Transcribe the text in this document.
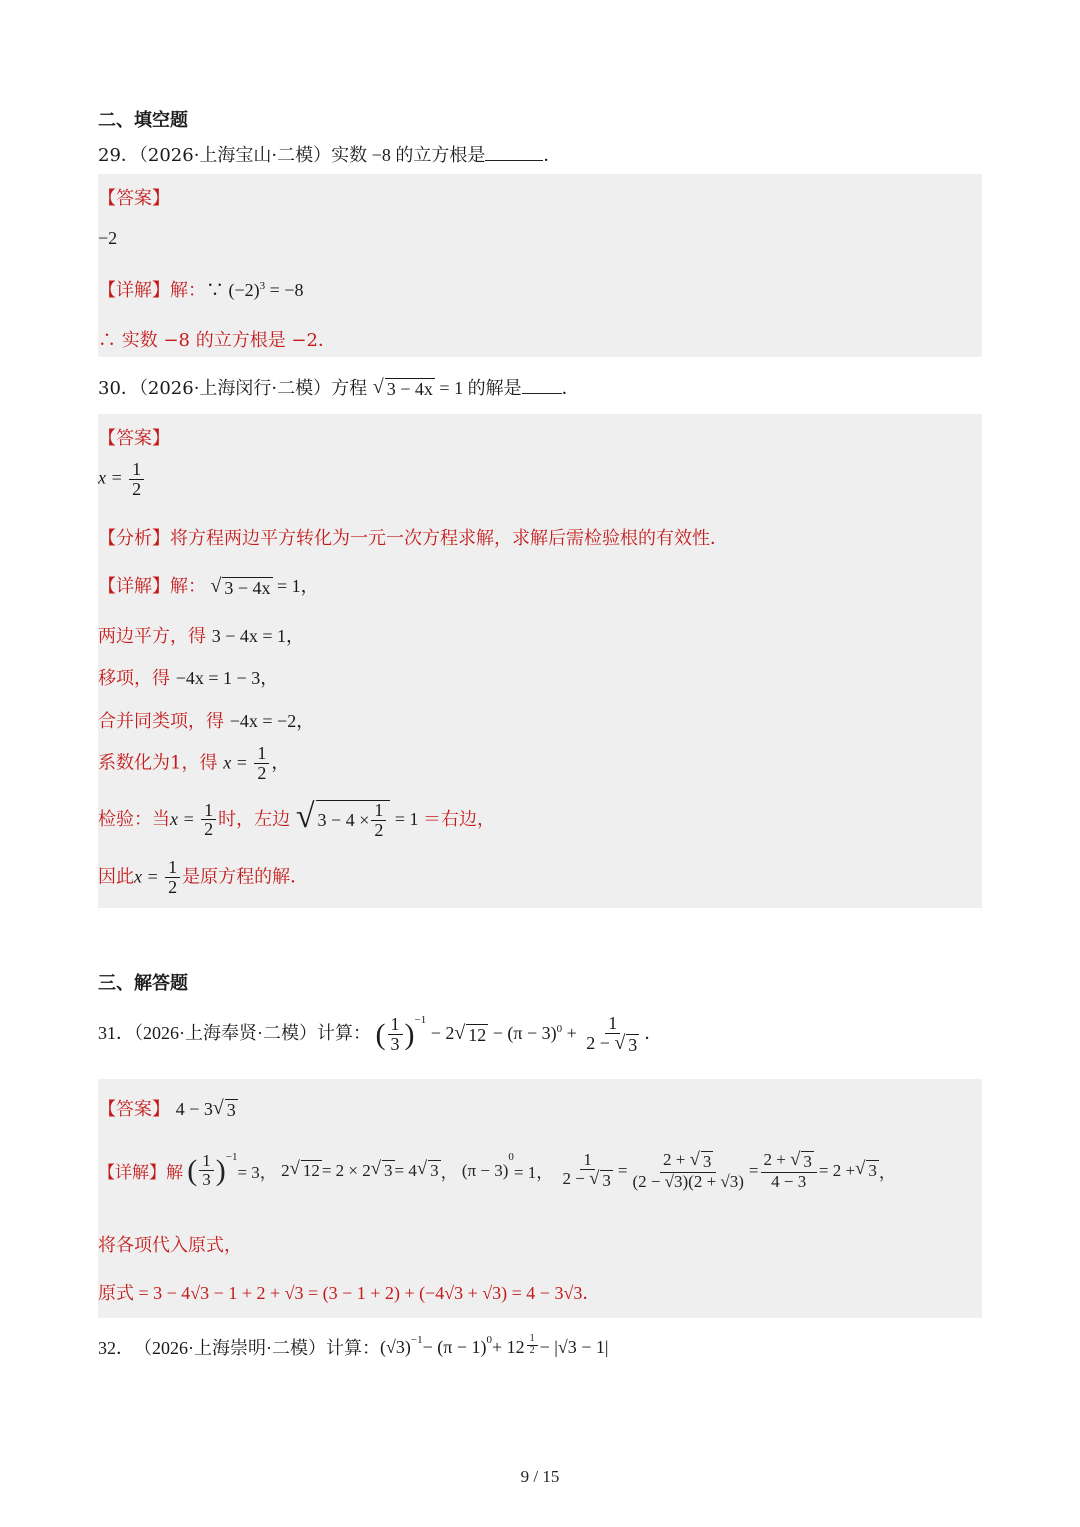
二、填空题
29．（2026·上海宝山·二模）实数 −8 的立方根是	．
【答案】
−2
【详解】解：∵ $(-2)^3 = -8$
∴ 实数 −8 的立方根是 −2．
30．（2026·上海闵行·二模）方程 √ 3 − 4x = 1 的解是 ．
【答案】
$x = \frac{1}{2}$
【分析】将方程两边平方转化为一元一次方程求解，求解后需检验根的有效性．
【详解】解： √ 3 − 4x = 1，
两边平方，得 3 − 4x = 1，
移项，得 −4x = 1 − 3，
合并同类项，得 −4x = −2，
系数化为1，得 $x = \frac{1}{2}$ ，
检验：当$x = \frac{1}{2}$ 时，左边 √ $3 - 4 \times \frac{1}{2} = 1$ ＝右边，
因此$x = \frac{1}{2}$ 是原方程的解．
三、解答题
31．（2026·上海奉贤·二模）计算： ( $\frac{1}{3} )^{-1} - 2$ √ $12 - (\pi - 3)^0 + \frac{1}{2 - √ 3}$ ．
【答案】 4 − 3 √ 3
【详解】 解
( $\frac{1}{3} )^{-1}$
= 3，
2 √ 12 = 2 × 2 √ 3 = 4 √ 3 ，
(π − 3)
$^0$
= 1，
$\frac{1}{2 - √ 3} = \frac{2 + √ 3}{(2 - √3)(2 + √3)} = \frac{2 + √ 3}{4 - 3} = 2$ + √ 3 ，
将各项代入原式，
原式 = 3 − 4√3 − 1 + 2 + √3 = (3 − 1 + 2) + (−4√3 + √3) = 4 − 3√3．
32． （2026·上海崇明·二模） 计算： $(√3)^{-1} - (\pi - 1)^0 + 12 \frac{1}{2} - |√3 - 1|$
9 / 15
